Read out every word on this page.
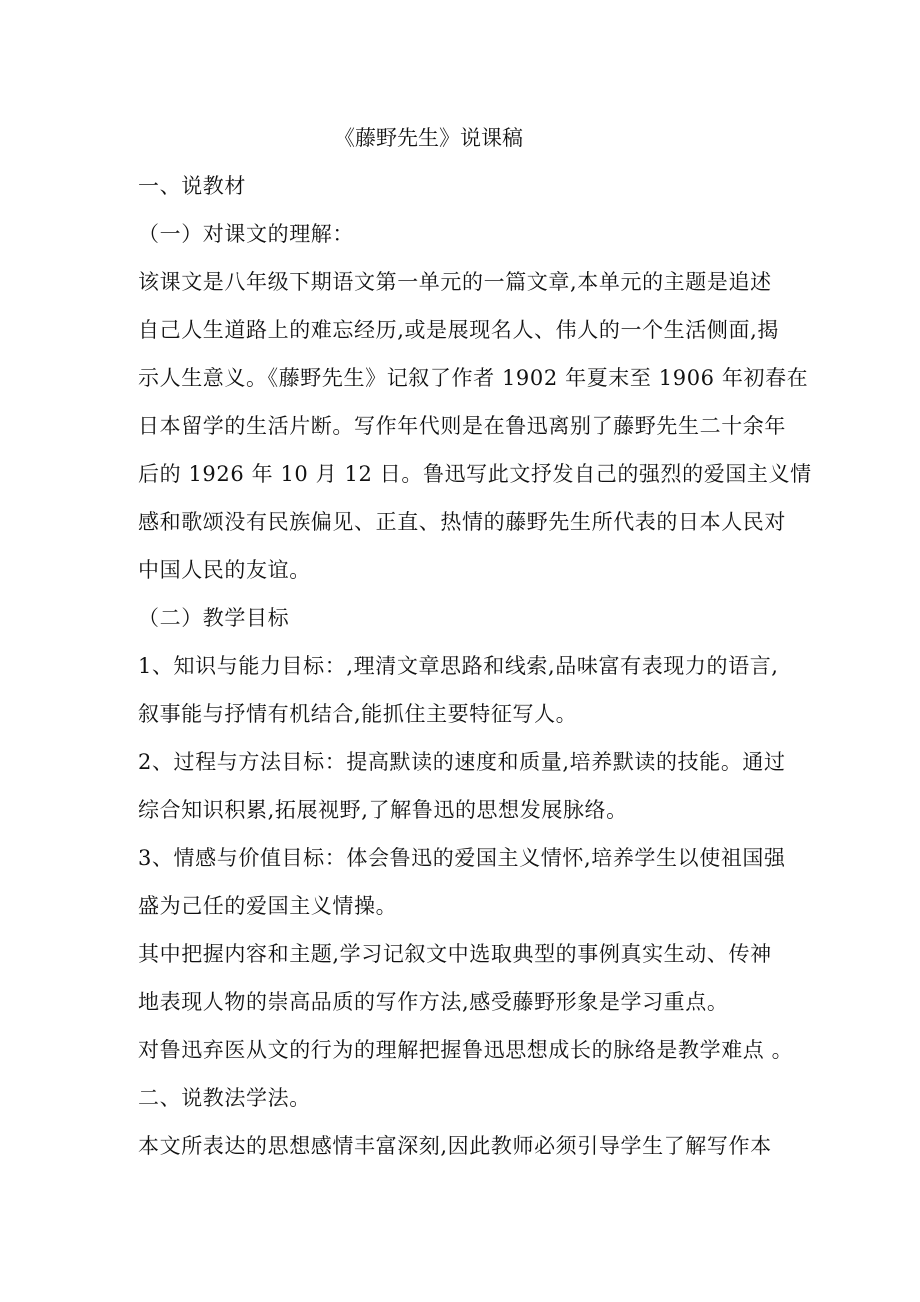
《藤野先生》说课稿
一、说教材
（一）对课文的理解：
该课文是八年级下期语文第一单元的一篇文章,本单元的主题是追述
自己人生道路上的难忘经历,或是展现名人、伟人的一个生活侧面,揭
示人生意义。《藤野先生》记叙了作者 1902 年夏末至 1906 年初春在
日本留学的生活片断。写作年代则是在鲁迅离别了藤野先生二十余年
后的 1926 年 10 月 12 日。鲁迅写此文抒发自己的强烈的爱国主义情
感和歌颂没有民族偏见、正直、热情的藤野先生所代表的日本人民对
中国人民的友谊。
（二）教学目标
1、知识与能力目标：,理清文章思路和线索,品味富有表现力的语言,
叙事能与抒情有机结合,能抓住主要特征写人。
2、过程与方法目标：提高默读的速度和质量,培养默读的技能。通过
综合知识积累,拓展视野,了解鲁迅的思想发展脉络。
3、情感与价值目标：体会鲁迅的爱国主义情怀,培养学生以使祖国强
盛为己任的爱国主义情操。
其中把握内容和主题,学习记叙文中选取典型的事例真实生动、传神
地表现人物的崇高品质的写作方法,感受藤野形象是学习重点。
对鲁迅弃医从文的行为的理解把握鲁迅思想成长的脉络是教学难点 。
二、说教法学法。
本文所表达的思想感情丰富深刻,因此教师必须引导学生了解写作本
